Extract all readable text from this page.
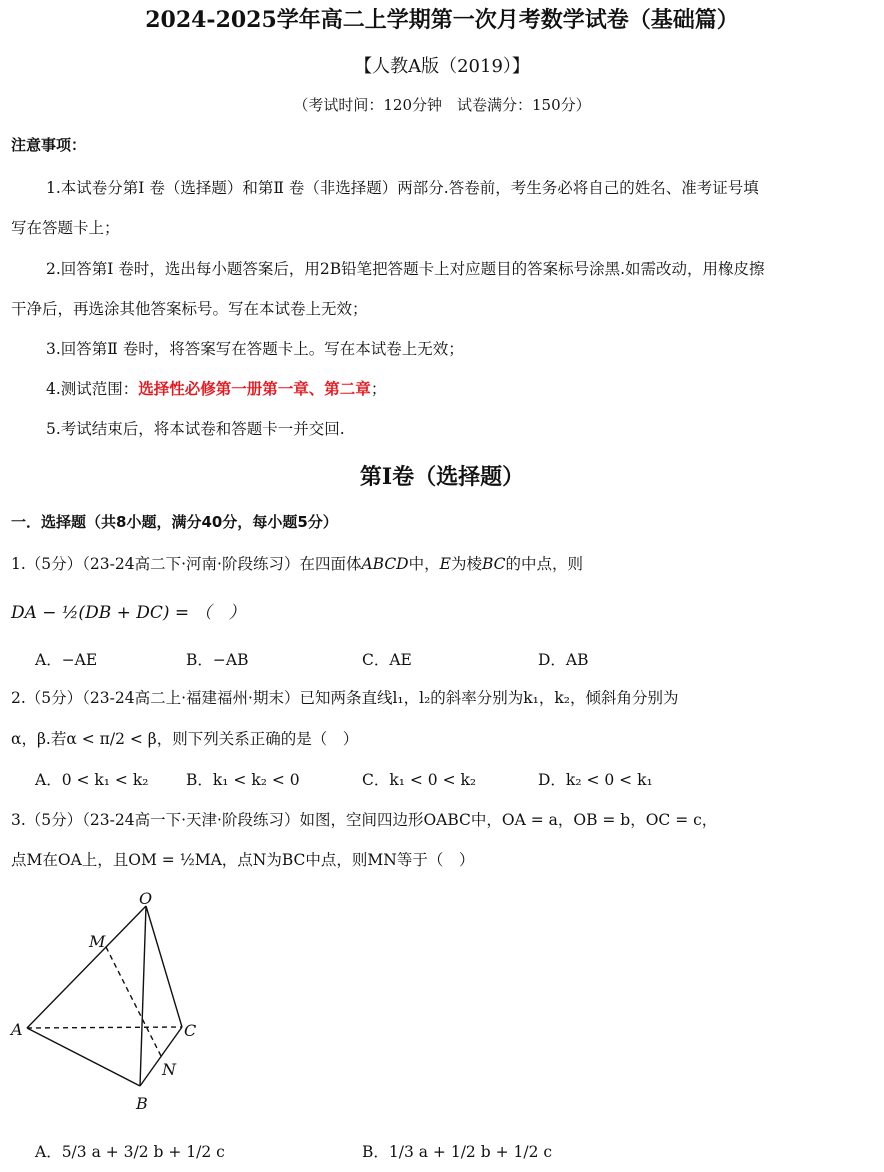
2024-2025学年高二上学期第一次月考数学试卷（基础篇）
【人教A版（2019）】
（考试时间：120分钟　试卷满分：150分）
注意事项：
1.本试卷分第Ⅰ 卷（选择题）和第Ⅱ 卷（非选择题）两部分.答卷前，考生务必将自己的姓名、准考证号填
写在答题卡上；
2.回答第Ⅰ 卷时，选出每小题答案后，用2B铅笔把答题卡上对应题目的答案标号涂黑.如需改动，用橡皮擦
干净后，再选涂其他答案标号。写在本试卷上无效；
3.回答第Ⅱ 卷时，将答案写在答题卡上。写在本试卷上无效；
4.测试范围：选择性必修第一册第一章、第二章；
5.考试结束后，将本试卷和答题卡一并交回.
第Ⅰ卷（选择题）
一．选择题（共8小题，满分40分，每小题5分）
1.（5分）（23-24高二下·河南·阶段练习）在四面体ABCD中，E为棱BC的中点，则
DA − ½(DB + DC) = （　）
A．−AE	B．−AB	C．AE	D．AB
2.（5分）（23-24高二上·福建福州·期末）已知两条直线l₁，l₂的斜率分别为k₁，k₂，倾斜角分别为
α，β.若α < π/2 < β，则下列关系正确的是（　）
A．0 < k₁ < k₂ B．k₁ < k₂ < 0	C．k₁ < 0 < k₂	D．k₂ < 0 < k₁
3.（5分）（23-24高一下·天津·阶段练习）如图，空间四边形OABC中，OA = a，OB = b，OC = c，
点M在OA上，且OM = ½MA，点N为BC中点，则MN等于（　）
O
M
A	C
N
B
A．5/3 a + 3/2 b + 1/2 c	B．1/3 a + 1/2 b + 1/2 c
